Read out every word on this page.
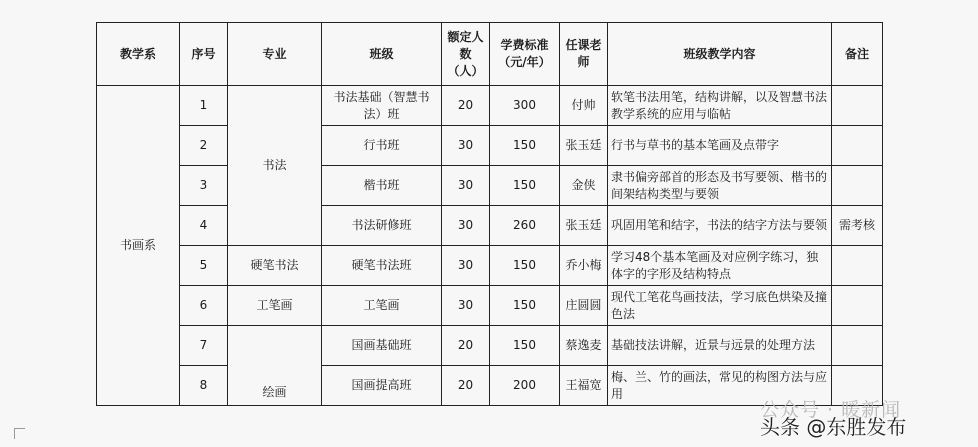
教学系	序号	专业	班级	额定人数（人）	学费标准（元/年）	任课老师	班级教学内容	备注
书画系	1	书法	书法基础（智慧书法）班	20	300	付帅	软笔书法用笔，结构讲解，以及智慧书法教学系统的应用与临帖	
	2		行书班	30	150	张玉廷	行书与草书的基本笔画及点带字	
	3		楷书班	30	150	金侠	隶书偏旁部首的形态及书写要领、楷书的间架结构类型与要领	
	4		书法研修班	30	260	张玉廷	巩固用笔和结字，书法的结字方法与要领	需考核
	5	硬笔书法	硬笔书法班	30	150	乔小梅	学习48个基本笔画及对应例字练习，独体字的字形及结构特点	
	6	工笔画	工笔画	30	150	庄圆圆	现代工笔花鸟画技法，学习底色烘染及撞色法	
	7	绘画	国画基础班	20	150	蔡逸麦	基础技法讲解，近景与远景的处理方法	
	8		国画提高班	20	200	王福宽	梅、兰、竹的画法，常见的构图方法与应用	
公众号 · 暖新闻
头条 @东胜发布
